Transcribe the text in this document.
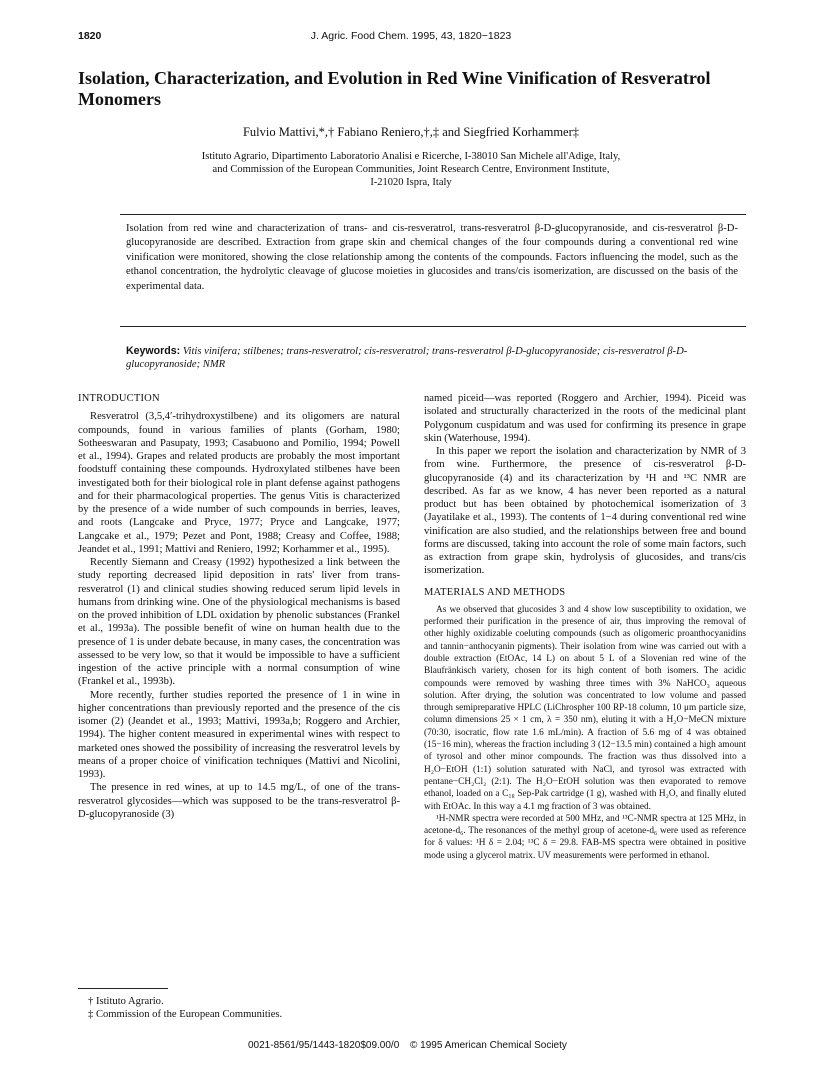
1820	J. Agric. Food Chem. 1995, 43, 1820−1823
Isolation, Characterization, and Evolution in Red Wine Vinification of Resveratrol Monomers
Fulvio Mattivi,*,† Fabiano Reniero,†,‡ and Siegfried Korhammer‡
Istituto Agrario, Dipartimento Laboratorio Analisi e Ricerche, I-38010 San Michele all'Adige, Italy,
and Commission of the European Communities, Joint Research Centre, Environment Institute,
I-21020 Ispra, Italy

Isolation from red wine and characterization of trans- and cis-resveratrol, trans-resveratrol β-D-glucopyranoside, and cis-resveratrol β-D-glucopyranoside are described. Extraction from grape skin and chemical changes of the four compounds during a conventional red wine vinification were monitored, showing the close relationship among the contents of the compounds. Factors influencing the model, such as the ethanol concentration, the hydrolytic cleavage of glucose moieties in glucosides and trans/cis isomerization, are discussed on the basis of the experimental data.

Keywords: Vitis vinifera; stilbenes; trans-resveratrol; cis-resveratrol; trans-resveratrol β-D-glucopyranoside; cis-resveratrol β-D-glucopyranoside; NMR

INTRODUCTION

Resveratrol (3,5,4′-trihydroxystilbene) and its oligomers are natural compounds, found in various families of plants (Gorham, 1980; Sotheeswaran and Pasupaty, 1993; Casabuono and Pomilio, 1994; Powell et al., 1994). Grapes and related products are probably the most important foodstuff containing these compounds. Hydroxylated stilbenes have been investigated both for their biological role in plant defense against pathogens and for their pharmacological properties. The genus Vitis is characterized by the presence of a wide number of such compounds in berries, leaves, and roots (Langcake and Pryce, 1977; Pryce and Langcake, 1977; Langcake et al., 1979; Pezet and Pont, 1988; Creasy and Coffee, 1988; Jeandet et al., 1991; Mattivi and Reniero, 1992; Korhammer et al., 1995).

Recently Siemann and Creasy (1992) hypothesized a link between the study reporting decreased lipid deposition in rats' liver from trans-resveratrol (1) and clinical studies showing reduced serum lipid levels in humans from drinking wine. One of the physiological mechanisms is based on the proved inhibition of LDL oxidation by phenolic substances (Frankel et al., 1993a). The possible benefit of wine on human health due to the presence of 1 is under debate because, in many cases, the concentration was assessed to be very low, so that it would be impossible to have a sufficient ingestion of the active principle with a normal consumption of wine (Frankel et al., 1993b).

More recently, further studies reported the presence of 1 in wine in higher concentrations than previously reported and the presence of the cis isomer (2) (Jeandet et al., 1993; Mattivi, 1993a,b; Roggero and Archier, 1994). The higher content measured in experimental wines with respect to marketed ones showed the possibility of increasing the resveratrol levels by means of a proper choice of vinification techniques (Mattivi and Nicolini, 1993).

The presence in red wines, at up to 14.5 mg/L, of one of the trans-resveratrol glycosides—which was supposed to be the trans-resveratrol β-D-glucopyranoside (3)

† Istituto Agrario.
‡ Commission of the European Communities.

named piceid—was reported (Roggero and Archier, 1994). Piceid was isolated and structurally characterized in the roots of the medicinal plant Polygonum cuspidatum and was used for confirming its presence in grape skin (Waterhouse, 1994).

In this paper we report the isolation and characterization by NMR of 3 from wine. Furthermore, the presence of cis-resveratrol β-D-glucopyranoside (4) and its characterization by ¹H and ¹³C NMR are described. As far as we know, 4 has never been reported as a natural product but has been obtained by photochemical isomerization of 3 (Jayatilake et al., 1993). The contents of 1−4 during conventional red wine vinification are also studied, and the relationships between free and bound forms are discussed, taking into account the role of some main factors, such as extraction from grape skin, hydrolysis of glucosides, and trans/cis isomerization.

MATERIALS AND METHODS

As we observed that glucosides 3 and 4 show low susceptibility to oxidation, we performed their purification in the presence of air, thus improving the removal of other highly oxidizable coeluting compounds (such as oligomeric proanthocyanidins and tannin−anthocyanin pigments). Their isolation from wine was carried out with a double extraction (EtOAc, 14 L) on about 5 L of a Slovenian red wine of the Blaufränkisch variety, chosen for its high content of both isomers. The acidic compounds were removed by washing three times with 3% NaHCO₃ aqueous solution. After drying, the solution was concentrated to low volume and passed through semipreparative HPLC (LiChrospher 100 RP-18 column, 10 μm particle size, column dimensions 25 × 1 cm, λ = 350 nm), eluting it with a H₂O−MeCN mixture (70:30, isocratic, flow rate 1.6 mL/min). A fraction of 5.6 mg of 4 was obtained (15−16 min), whereas the fraction including 3 (12−13.5 min) contained a high amount of tyrosol and other minor compounds. The fraction was thus dissolved into a H₂O−EtOH (1:1) solution saturated with NaCl, and tyrosol was extracted with pentane−CH₂Cl₂ (2:1). The H₂O−EtOH solution was then evaporated to remove ethanol, loaded on a C₁₈ Sep-Pak cartridge (1 g), washed with H₂O, and finally eluted with EtOAc. In this way a 4.1 mg fraction of 3 was obtained.

¹H-NMR spectra were recorded at 500 MHz, and ¹³C-NMR spectra at 125 MHz, in acetone-d₆. The resonances of the methyl group of acetone-d₆ were used as reference for δ values: ¹H δ = 2.04; ¹³C δ = 29.8. FAB-MS spectra were obtained in positive mode using a glycerol matrix. UV measurements were performed in ethanol.

0021-8561/95/1443-1820$09.00/0 © 1995 American Chemical Society
